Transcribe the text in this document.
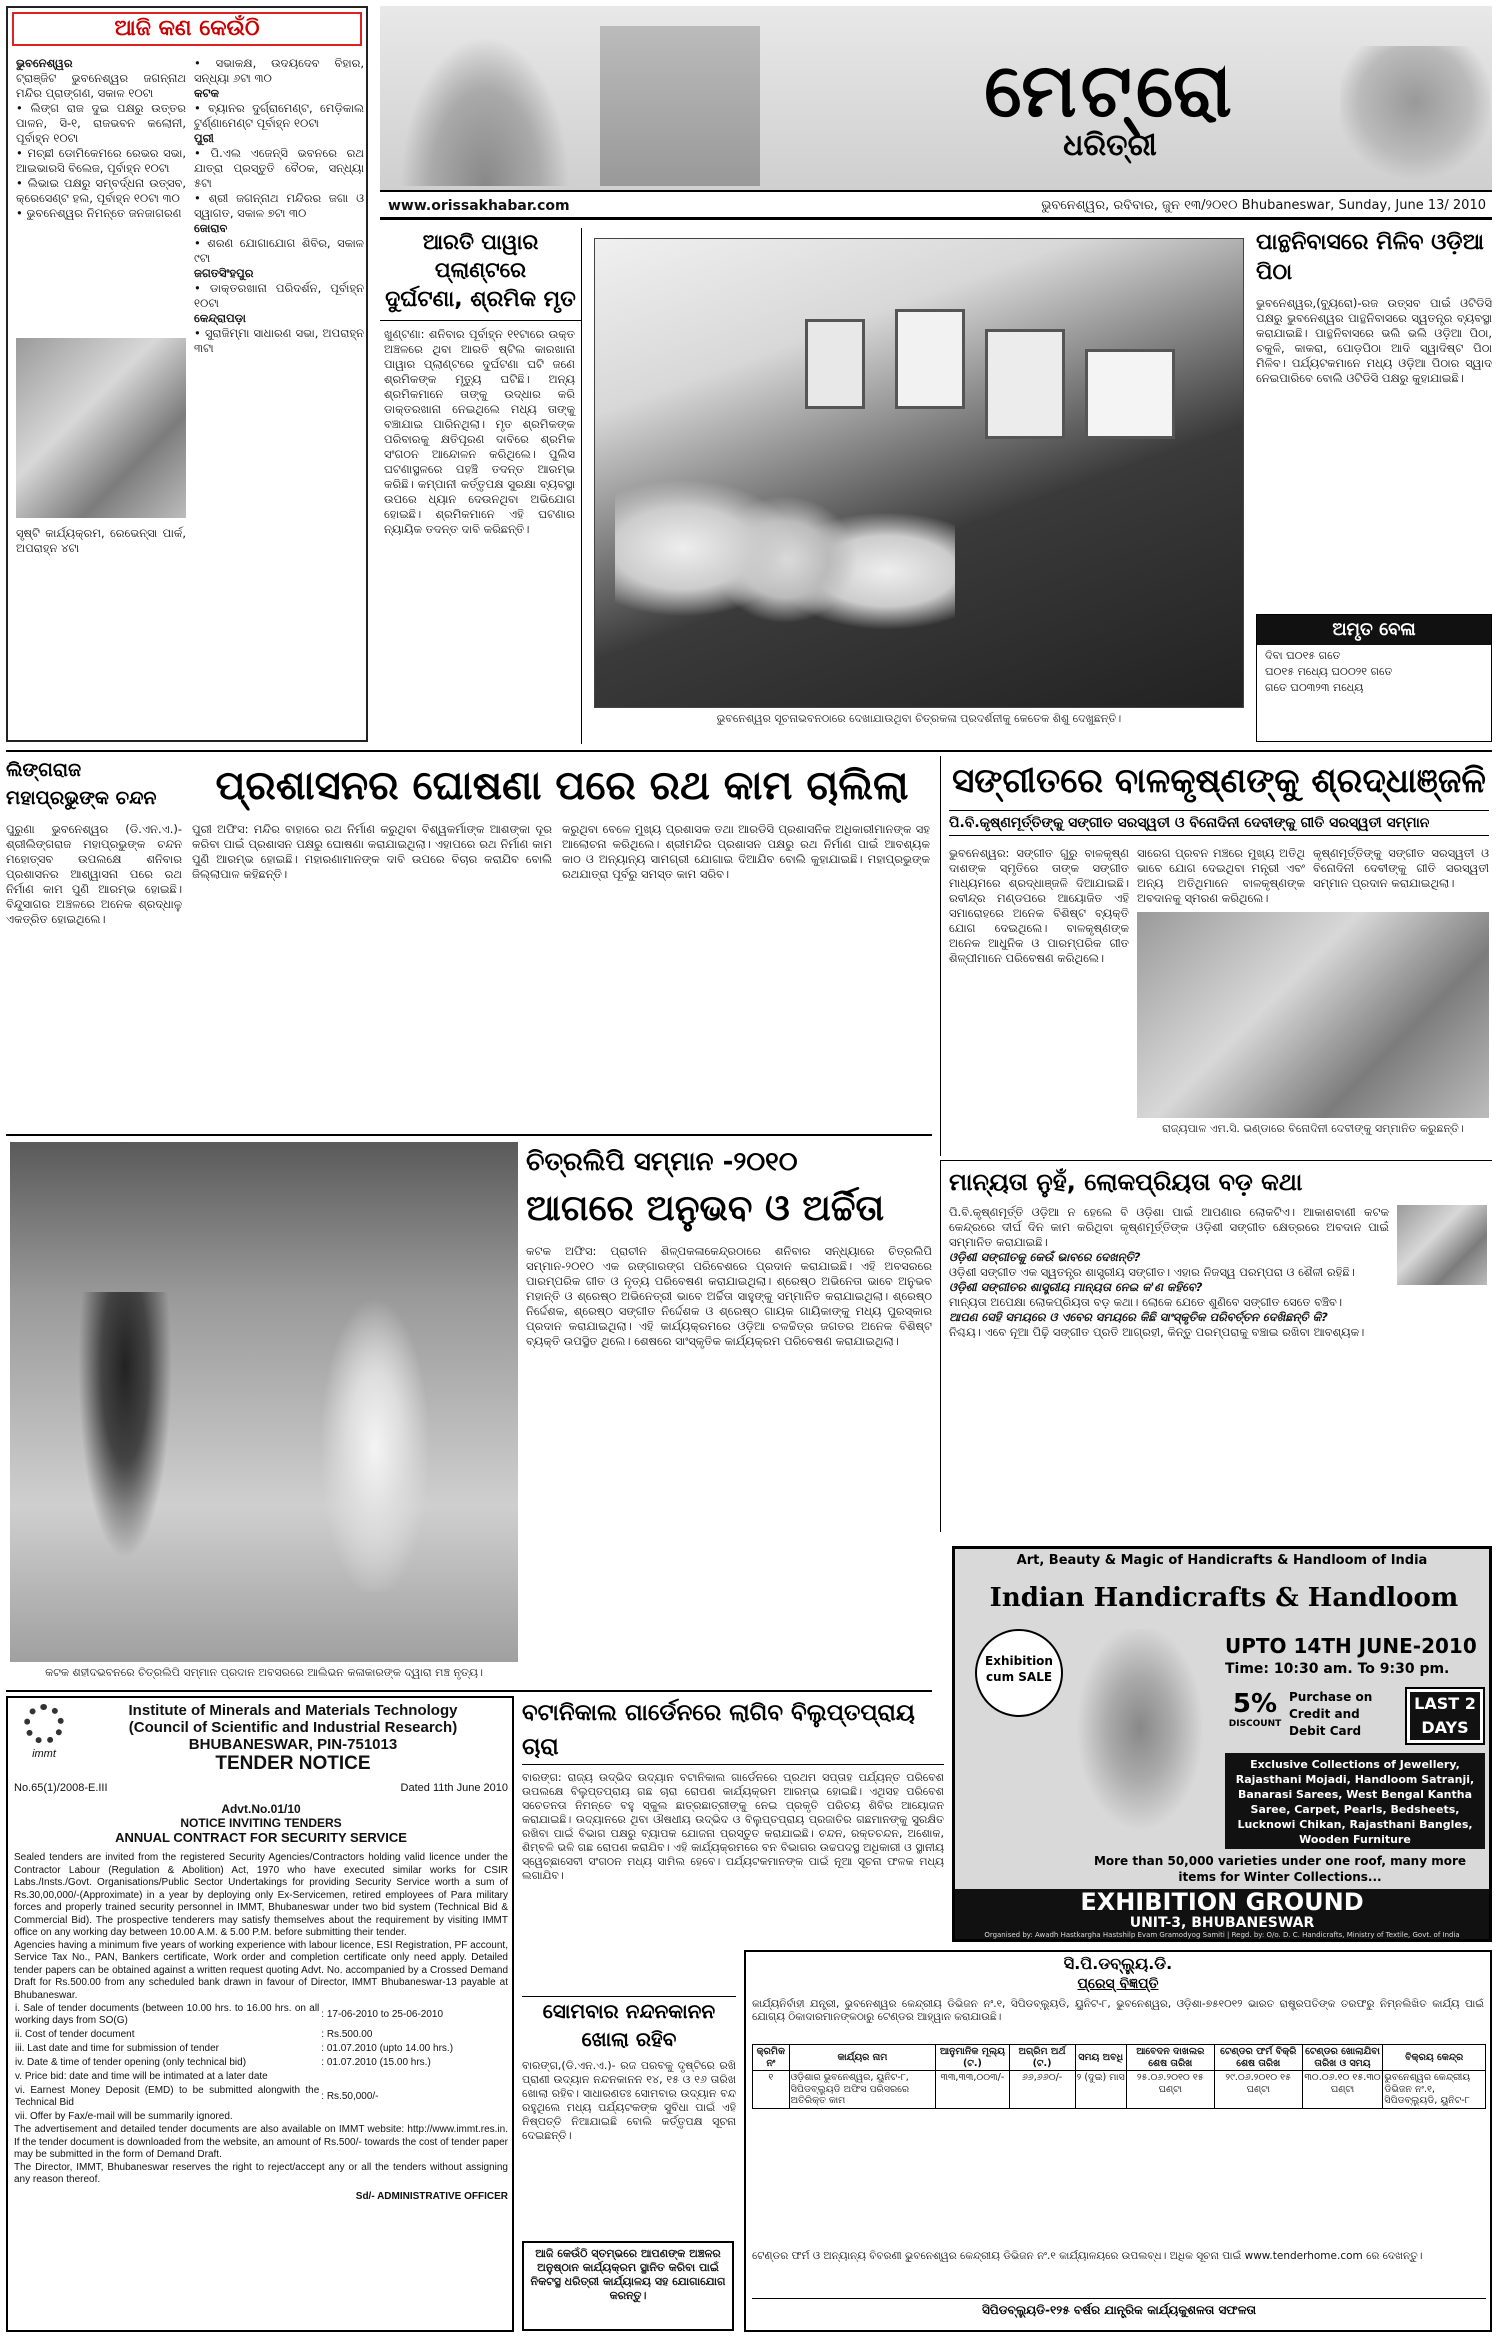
ଆଜି କଣ କେଉଁଠି
ଭୁବନେଶ୍ୱର
ଟ୍ରାଞ୍ଜିଟ ଭୁବନେଶ୍ୱର ଜଗନ୍ନାଥ ମନ୍ଦିର ପ୍ରାଙ୍ଗଣ, ସକାଳ ୧୦ଟା
• ଲିଙ୍ଗ ରାଜ ଦୁଇ ପକ୍ଷରୁ ଉତ୍ତର ପାଳନ, ସି-୧, ରାଜଭବନ କଲୋନୀ, ପୂର୍ବାହ୍ନ ୧୦ଟା
• ମଚ୍ଛୀ ଡୋମିକେମରେ ରେଭର ସଭା, ଆଇଭାରସି ବିଲେଜ, ପୂର୍ବାହ୍ନ ୧୦ଟା
• ଲିଭାଇ ପକ୍ଷରୁ ସମ୍ବର୍ଦ୍ଧନା ଉତ୍ସବ, କ୍ରେସେଣ୍ଟ ହଲ, ପୂର୍ବାହ୍ନ ୧୦ଟା ୩୦
• ଭୁବନେଶ୍ୱର ନିମନ୍ତେ ଜନଜାଗରଣ
ସୃଷ୍ଟି କାର୍ଯ୍ୟକ୍ରମ, ରେଭେନ୍ସା ପାର୍କ, ଅପରାହ୍ନ ୪ଟା
• ସଭାକକ୍ଷ, ଉଦୟଦେବ ବିହାର, ସନ୍ଧ୍ୟା ୬ଟା ୩୦
କଟକ
• ବ୍ୟାନର ଦୁର୍ଗ୍ରାମେଣ୍ଟ, ମେଡ଼ିକାଲ ଟୁର୍ଣ୍ଣାମେଣ୍ଟ ପୂର୍ବାହ୍ନ ୧୦ଟା
ପୁରୀ
• ପି.ଏଲ ଏଜେନ୍ସି ଭବନରେ ରଥ ଯାତ୍ରା ପ୍ରସ୍ତୁତି ବୈଠକ, ସନ୍ଧ୍ୟା ୫ଟା
• ଶ୍ରୀ ଜଗନ୍ନାଥ ମନ୍ଦିରର ଜଗା ଓ ସ୍ୱାଗତ, ସକାଳ ୭ଟା ୩୦
ଜୋରାବ
• ଶରଣ ଯୋଗାଯୋଗ ଶିବିର, ସକାଳ ୯ଟା
ଜଗତସିଂହପୁର
• ଡାକ୍ତରଖାନା ପରିଦର୍ଶନ, ପୂର୍ବାହ୍ନ ୧୦ଟା
କେନ୍ଦ୍ରାପଡ଼ା
• ସୁରାଜିମ୍ମା ସାଧାରଣ ସଭା, ଅପରାହ୍ନ ୩ଟା
ମେଟ୍ରୋ
ଧରିତ୍ରୀ
www.orissakhabar.com	ଭୁବନେଶ୍ୱର, ରବିବାର, ଜୁନ ୧୩/୨୦୧୦ Bhubaneswar, Sunday, June 13/ 2010
ଆରତି ପାୱାର ପ୍ଲାଣ୍ଟରେ
ଦୁର୍ଘଟଣା, ଶ୍ରମିକ ମୃତ
ଖୁଣ୍ଟଣା: ଶନିବାର ପୂର୍ବାହ୍ନ ୧୧ଟାରେ ଉକ୍ତ ଅଞ୍ଚଳରେ ଥିବା ଆରତି ଷ୍ଟିଲ କାରଖାନା ପାୱାର ପ୍ଲାଣ୍ଟରେ ଦୁର୍ଘଟଣା ଘଟି ଜଣେ ଶ୍ରମିକଙ୍କ ମୃତ୍ୟୁ ଘଟିଛି। ଅନ୍ୟ ଶ୍ରମିକମାନେ ତାଙ୍କୁ ଉଦ୍ଧାର କରି ଡାକ୍ତରଖାନା ନେଇଥିଲେ ମଧ୍ୟ ତାଙ୍କୁ ବଞ୍ଚାଯାଇ ପାରିନଥିଲା। ମୃତ ଶ୍ରମିକଙ୍କ ପରିବାରକୁ କ୍ଷତିପୂରଣ ଦାବିରେ ଶ୍ରମିକ ସଂଗଠନ ଆନ୍ଦୋଳନ କରିଥିଲେ। ପୁଲିସ ଘଟଣାସ୍ଥଳରେ ପହଞ୍ଚି ତଦନ୍ତ ଆରମ୍ଭ କରିଛି। କମ୍ପାନୀ କର୍ତ୍ତୃପକ୍ଷ ସୁରକ୍ଷା ବ୍ୟବସ୍ଥା ଉପରେ ଧ୍ୟାନ ଦେଉନଥିବା ଅଭିଯୋଗ ହୋଇଛି। ଶ୍ରମିକମାନେ ଏହି ଘଟଣାର ନ୍ୟାୟିକ ତଦନ୍ତ ଦାବି କରିଛନ୍ତି।
ଭୁବନେଶ୍ୱର ସୂଚନାଭବନଠାରେ ଦେଖାଯାଉଥିବା ଚିତ୍ରକଳା ପ୍ରଦର୍ଶନୀକୁ କେତେକ ଶିଶୁ ଦେଖୁଛନ୍ତି।
ପାନ୍ଥନିବାସରେ ମିଳିବ ଓଡ଼ିଆ ପିଠା
ଭୁବନେଶ୍ୱର,(ବ୍ୟୁରୋ)-ରଜ ଉତ୍ସବ ପାଇଁ ଓଟିଡିସି ପକ୍ଷରୁ ଭୁବନେଶ୍ୱର ପାନ୍ଥନିବାସରେ ସ୍ୱତନ୍ତ୍ର ବ୍ୟବସ୍ଥା କରାଯାଇଛି। ପାନ୍ଥନିବାସରେ ଭଲି ଭଲି ଓଡ଼ିଆ ପିଠା, ଚକୁଳି, କାକରା, ପୋଡ଼ପିଠା ଆଦି ସ୍ୱାଦିଷ୍ଟ ପିଠା ମିଳିବ। ପର୍ଯ୍ୟଟକମାନେ ମଧ୍ୟ ଓଡ଼ିଆ ପିଠାର ସ୍ୱାଦ ନେଇପାରିବେ ବୋଲି ଓଟିଡିସି ପକ୍ଷରୁ କୁହାଯାଇଛି।
ଅମୃତ ବେଳା
ଦିବା ଘ୦୧୫ ଗତେ
ଘ୦୧୫ ମଧ୍ୟେ ଘ୦୦୨୧ ଗତେ
ଗତେ ଘ୦୩୨୩ ମଧ୍ୟେ
ଲିଙ୍ଗରାଜ ମହାପ୍ରଭୁଙ୍କ ଚନ୍ଦନ	ପ୍ରଶାସନର ଘୋଷଣା ପରେ ରଥ କାମ ଚାଲିଲା
ପୁରୁଣା ଭୁବନେଶ୍ୱର (ଡି.ଏନ.ଏ.)- ଶ୍ରୀଲିଙ୍ଗରାଜ ମହାପ୍ରଭୁଙ୍କ ଚନ୍ଦନ ମହୋତ୍ସବ ଉପଲକ୍ଷେ ଶନିବାର ପ୍ରଶାସନର ଆଶ୍ୱାସନା ପରେ ରଥ ନିର୍ମାଣ କାମ ପୁଣି ଆରମ୍ଭ ହୋଇଛି। ବିନ୍ଦୁସାଗର ଅଞ୍ଚଳରେ ଅନେକ ଶ୍ରଦ୍ଧାଳୁ ଏକତ୍ରିତ ହୋଇଥିଲେ।
ପୁରୀ ଅଫିସ: ମନ୍ଦିର ବାହାରେ ରଥ ନିର୍ମାଣ କରୁଥିବା ବିଶ୍ୱକର୍ମାଙ୍କ ଆଶଙ୍କା ଦୂର କରିବା ପାଇଁ ପ୍ରଶାସନ ପକ୍ଷରୁ ଘୋଷଣା କରାଯାଇଥିଲା। ଏହାପରେ ରଥ ନିର୍ମାଣ କାମ ପୁଣି ଆରମ୍ଭ ହୋଇଛି। ମହାରଣାମାନଙ୍କ ଦାବି ଉପରେ ବିଚାର କରାଯିବ ବୋଲି ଜିଲ୍ଲାପାଳ କହିଛନ୍ତି।
କରୁଥିବା ବେଳେ ମୁଖ୍ୟ ପ୍ରଶାସକ ତଥା ଆରଡିସି ପ୍ରଶାସନିକ ଅଧିକାରୀମାନଙ୍କ ସହ ଆଲୋଚନା କରିଥିଲେ। ଶ୍ରୀମନ୍ଦିର ପ୍ରଶାସନ ପକ୍ଷରୁ ରଥ ନିର୍ମାଣ ପାଇଁ ଆବଶ୍ୟକ କାଠ ଓ ଅନ୍ୟାନ୍ୟ ସାମଗ୍ରୀ ଯୋଗାଇ ଦିଆଯିବ ବୋଲି କୁହାଯାଇଛି। ମହାପ୍ରଭୁଙ୍କ ରଥଯାତ୍ରା ପୂର୍ବରୁ ସମସ୍ତ କାମ ସରିବ।
ସଙ୍ଗୀତରେ ବାଳକୃଷ୍ଣଙ୍କୁ ଶ୍ରଦ୍ଧାଞ୍ଜଳି
ପି.ବି.କୃଷ୍ଣମୂର୍ତ୍ତିଙ୍କୁ ସଙ୍ଗୀତ ସରସ୍ୱତୀ ଓ ବିନୋଦିନୀ ଦେବୀଙ୍କୁ ଗୀତି ସରସ୍ୱତୀ ସମ୍ମାନ
ଭୁବନେଶ୍ୱର: ସଙ୍ଗୀତ ଗୁରୁ ବାଳକୃଷ୍ଣ ଦାଶଙ୍କ ସ୍ମୃତିରେ ତାଙ୍କ ସଙ୍ଗୀତ ମାଧ୍ୟମରେ ଶ୍ରଦ୍ଧାଞ୍ଜଳି ଦିଆଯାଇଛି। ରବୀନ୍ଦ୍ର ମଣ୍ଡପରେ ଆୟୋଜିତ ଏହି ସମାରୋହରେ ଅନେକ ବିଶିଷ୍ଟ ବ୍ୟକ୍ତି ଯୋଗ ଦେଇଥିଲେ। ବାଳକୃଷ୍ଣଙ୍କ ଅନେକ ଆଧୁନିକ ଓ ପାରମ୍ପରିକ ଗୀତ ଶିଳ୍ପୀମାନେ ପରିବେଷଣ କରିଥିଲେ।
ସାରେଗ ପ୍ରବନ ମଞ୍ଚରେ ମୁଖ୍ୟ ଅତିଥି ଭାବେ ଯୋଗ ଦେଇଥିବା ମନ୍ତ୍ରୀ ଏବଂ ଅନ୍ୟ ଅତିଥିମାନେ ବାଳକୃଷ୍ଣଙ୍କ ଅବଦାନକୁ ସ୍ମରଣ କରିଥିଲେ।
କୃଷ୍ଣମୂର୍ତ୍ତିଙ୍କୁ ସଙ୍ଗୀତ ସରସ୍ୱତୀ ଓ ବିନୋଦିନୀ ଦେବୀଙ୍କୁ ଗୀତି ସରସ୍ୱତୀ ସମ୍ମାନ ପ୍ରଦାନ କରାଯାଇଥିଲା।
ରାଜ୍ୟପାଳ ଏମ.ସି. ଭଣ୍ଡାରେ ବିନୋଦିନୀ ଦେବୀଙ୍କୁ ସମ୍ମାନିତ କରୁଛନ୍ତି।
କଟକ ଶହୀଦଭବନରେ ଚିତ୍ରଲିପି ସମ୍ମାନ ପ୍ରଦାନ ଅବସରରେ ଆଲିଭନ କଳାକାରଙ୍କ ଦ୍ୱାରା ମଞ୍ଚ ନୃତ୍ୟ।
ଚିତ୍ରଲିପି ସମ୍ମାନ -୨୦୧୦
ଆଗରେ ଅନୁଭବ ଓ ଅର୍ଚ୍ଚିତା
କଟକ ଅଫିସ: ପ୍ରାଚୀନ ଶିଳ୍ପକଳାକେନ୍ଦ୍ରଠାରେ ଶନିବାର ସନ୍ଧ୍ୟାରେ ଚିତ୍ରଲିପି ସମ୍ମାନ-୨୦୧୦ ଏକ ରଙ୍ଗାରଙ୍ଗ ପରିବେଶରେ ପ୍ରଦାନ କରାଯାଇଛି। ଏହି ଅବସରରେ ପାରମ୍ପରିକ ଗୀତ ଓ ନୃତ୍ୟ ପରିବେଷଣ କରାଯାଇଥିଲା। ଶ୍ରେଷ୍ଠ ଅଭିନେତା ଭାବେ ଅନୁଭବ ମହାନ୍ତି ଓ ଶ୍ରେଷ୍ଠ ଅଭିନେତ୍ରୀ ଭାବେ ଅର୍ଚ୍ଚିତା ସାହୁଙ୍କୁ ସମ୍ମାନିତ କରାଯାଇଥିଲା। ଶ୍ରେଷ୍ଠ ନିର୍ଦ୍ଦେଶକ, ଶ୍ରେଷ୍ଠ ସଙ୍ଗୀତ ନିର୍ଦ୍ଦେଶକ ଓ ଶ୍ରେଷ୍ଠ ଗାୟକ ଗାୟିକାଙ୍କୁ ମଧ୍ୟ ପୁରସ୍କାର ପ୍ରଦାନ କରାଯାଇଥିଲା। ଏହି କାର୍ଯ୍ୟକ୍ରମରେ ଓଡ଼ିଆ ଚଳଚ୍ଚିତ୍ର ଜଗତର ଅନେକ ବିଶିଷ୍ଟ ବ୍ୟକ୍ତି ଉପସ୍ଥିତ ଥିଲେ। ଶେଷରେ ସାଂସ୍କୃତିକ କାର୍ଯ୍ୟକ୍ରମ ପରିବେଷଣ କରାଯାଇଥିଲା।
ମାନ୍ୟତା ନୁହଁ, ଲୋକପ୍ରିୟତା ବଡ଼ କଥା
ପି.ବି.କୃଷ୍ଣମୂର୍ତ୍ତି ଓଡ଼ିଆ ନ ହେଲେ ବି ଓଡ଼ିଶା ପାଇଁ ଆପଣାର ଲୋକଟିଏ। ଆକାଶବାଣୀ କଟକ କେନ୍ଦ୍ରରେ ଦୀର୍ଘ ଦିନ କାମ କରିଥିବା କୃଷ୍ଣମୂର୍ତ୍ତିଙ୍କ ଓଡ଼ିଶୀ ସଙ୍ଗୀତ କ୍ଷେତ୍ରରେ ଅବଦାନ ପାଇଁ ସମ୍ମାନିତ କରାଯାଇଛି।
ଓଡ଼ିଶୀ ସଙ୍ଗୀତକୁ କେଉଁ ଭାବରେ ଦେଖନ୍ତି?
ଓଡ଼ିଶୀ ସଙ୍ଗୀତ ଏକ ସ୍ୱତନ୍ତ୍ର ଶାସ୍ତ୍ରୀୟ ସଙ୍ଗୀତ। ଏହାର ନିଜସ୍ୱ ପରମ୍ପରା ଓ ଶୈଳୀ ରହିଛି।
ଓଡ଼ିଶୀ ସଙ୍ଗୀତର ଶାସ୍ତ୍ରୀୟ ମାନ୍ୟତା ନେଇ କ'ଣ କହିବେ?
ମାନ୍ୟତା ଅପେକ୍ଷା ଲୋକପ୍ରିୟତା ବଡ଼ କଥା। ଲୋକେ ଯେତେ ଶୁଣିବେ ସଙ୍ଗୀତ ସେତେ ବଞ୍ଚିବ।
ଆପଣ ସେହି ସମୟରେ ଓ ଏବେର ସମୟରେ କିଛି ସାଂସ୍କୃତିକ ପରିବର୍ତ୍ତନ ଦେଖିଛନ୍ତି କି?
ନିଶ୍ଚୟ। ଏବେ ନୂଆ ପିଢ଼ି ସଙ୍ଗୀତ ପ୍ରତି ଆଗ୍ରହୀ, କିନ୍ତୁ ପରମ୍ପରାକୁ ବଞ୍ଚାଇ ରଖିବା ଆବଶ୍ୟକ।
Art, Beauty & Magic of Handicrafts & Handloom of India
Indian Handicrafts & Handloom
Exhibition cum SALE
UPTO 14TH JUNE-2010
Time: 10:30 am. To 9:30 pm.
5%
DISCOUNT
Purchase on Credit and Debit Card
LAST 2 DAYS
Exclusive Collections of Jewellery, Rajasthani Mojadi, Handloom Satranji, Banarasi Sarees, West Bengal Kantha Saree, Carpet, Pearls, Bedsheets, Lucknowi Chikan, Rajasthani Bangles, Wooden Furniture
More than 50,000 varieties under one roof, many more items for Winter Collections...
EXHIBITION GROUND
UNIT-3, BHUBANESWAR
Organised by: Awadh Hastkargha Hastshilp Evam Gramodyog Samiti | Regd. by: O/o. D. C. Handicrafts, Ministry of Textile, Govt. of India
immt
Institute of Minerals and Materials Technology
(Council of Scientific and Industrial Research)
BHUBANESWAR, PIN-751013
TENDER NOTICE
No.65(1)/2008-E.III	Dated 11th June 2010
Advt.No.01/10
NOTICE INVITING TENDERS
ANNUAL CONTRACT FOR SECURITY SERVICE
Sealed tenders are invited from the registered Security Agencies/Contractors holding valid licence under the Contractor Labour (Regulation & Abolition) Act, 1970 who have executed similar works for CSIR Labs./Insts./Govt. Organisations/Public Sector Undertakings for providing Security Service worth a sum of Rs.30,00,000/-(Approximate) in a year by deploying only Ex-Servicemen, retired employees of Para military forces and properly trained security personnel in IMMT, Bhubaneswar under two bid system (Technical Bid & Commercial Bid). The prospective tenderers may satisfy themselves about the requirement by visiting IMMT office on any working day between 10.00 A.M. & 5.00 P.M. before submitting their tender.
Agencies having a minimum five years of working experience with labour licence, ESI Registration, PF account, Service Tax No., PAN, Bankers certificate, Work order and completion certificate only need apply. Detailed tender papers can be obtained against a written request quoting Advt. No. accompanied by a Crossed Demand Draft for Rs.500.00 from any scheduled bank drawn in favour of Director, IMMT Bhubaneswar-13 payable at Bhubaneswar.
i. Sale of tender documents (between 10.00 hrs. to 16.00 hrs. on all working days from SO(G)	: 17-06-2010 to 25-06-2010
ii. Cost of tender document	: Rs.500.00
iii. Last date and time for submission of tender	: 01.07.2010 (upto 14.00 hrs.)
iv. Date & time of tender opening (only technical bid)	: 01.07.2010 (15.00 hrs.)
v. Price bid: date and time will be intimated at a later date	
vi. Earnest Money Deposit (EMD) to be submitted alongwith the Technical Bid	: Rs.50,000/-
vii. Offer by Fax/e-mail will be summarily ignored.	
The advertisement and detailed tender documents are also available on IMMT website: http://www.immt.res.in. If the tender document is downloaded from the website, an amount of Rs.500/- towards the cost of tender paper may be submitted in the form of Demand Draft.
The Director, IMMT, Bhubaneswar reserves the right to reject/accept any or all the tenders without assigning any reason thereof.
Sd/- ADMINISTRATIVE OFFICER
ବଟାନିକାଲ ଗାର୍ଡେନରେ ଲାଗିବ ବିଲୁପ୍ତପ୍ରାୟ ଚାରା
ବାରଙ୍ଗ: ରାଜ୍ୟ ଉଦ୍ଭିଦ ଉଦ୍ୟାନ ବଟାନିକାଲ ଗାର୍ଡେନରେ ପ୍ରଥମ ସପ୍ତାହ ପର୍ଯ୍ୟନ୍ତ ପରିବେଶ ଉପଲକ୍ଷେ ବିଲୁପ୍ତପ୍ରାୟ ଗଛ ଚାରା ରୋପଣ କାର୍ଯ୍ୟକ୍ରମ ଆରମ୍ଭ ହୋଇଛି। ଏଥିସହ ପରିବେଶ ସଚେତନତା ନିମନ୍ତେ ବହୁ ସ୍କୁଲ ଛାତ୍ରଛାତ୍ରୀଙ୍କୁ ନେଇ ପ୍ରକୃତି ପରିଚୟ ଶିବିର ଆୟୋଜନ କରାଯାଇଛି। ଉଦ୍ୟାନରେ ଥିବା ଔଷଧୀୟ ଉଦ୍ଭିଦ ଓ ବିଲୁପ୍ତପ୍ରାୟ ପ୍ରଜାତିର ଗଛମାନଙ୍କୁ ସୁରକ୍ଷିତ ରଖିବା ପାଇଁ ବିଭାଗ ପକ୍ଷରୁ ବ୍ୟାପକ ଯୋଜନା ପ୍ରସ୍ତୁତ କରାଯାଇଛି। ଚନ୍ଦନ, ରକ୍ତଚନ୍ଦନ, ଅଶୋକ, ଶିମ୍ବଳି ଭଳି ଗଛ ରୋପଣ କରାଯିବ। ଏହି କାର୍ଯ୍ୟକ୍ରମରେ ବନ ବିଭାଗର ଉଚ୍ଚପଦସ୍ଥ ଅଧିକାରୀ ଓ ସ୍ଥାନୀୟ ସ୍ୱେଚ୍ଛାସେବୀ ସଂଗଠନ ମଧ୍ୟ ସାମିଲ ହେବେ। ପର୍ଯ୍ୟଟକମାନଙ୍କ ପାଇଁ ନୂଆ ସୂଚନା ଫଳକ ମଧ୍ୟ ଲଗାଯିବ।
ସୋମବାର ନନ୍ଦନକାନନ ଖୋଲା ରହିବ
ବାରଙ୍ଗ,(ଡି.ଏନ.ଏ.)- ରଜ ପରବକୁ ଦୃଷ୍ଟିରେ ରଖି ପ୍ରାଣୀ ଉଦ୍ୟାନ ନନ୍ଦନକାନନ ୧୪, ୧୫ ଓ ୧୬ ତାରିଖ ଖୋଲା ରହିବ। ସାଧାରଣତଃ ସୋମବାର ଉଦ୍ୟାନ ବନ୍ଦ ରହୁଥିଲେ ମଧ୍ୟ ପର୍ଯ୍ୟଟକଙ୍କ ସୁବିଧା ପାଇଁ ଏହି ନିଷ୍ପତ୍ତି ନିଆଯାଇଛି ବୋଲି କର୍ତ୍ତୃପକ୍ଷ ସୂଚନା ଦେଇଛନ୍ତି।
ଆଜି କେଉଁଠି ସ୍ତମ୍ଭରେ ଆପଣଙ୍କ ଅଞ୍ଚଳର ଅନୁଷ୍ଠାନ କାର୍ଯ୍ୟକ୍ରମ ସ୍ଥାନିତ କରିବା ପାଇଁ ନିକଟସ୍ଥ ଧରିତ୍ରୀ କାର୍ଯ୍ୟାଳୟ ସହ ଯୋଗାଯୋଗ କରନ୍ତୁ।
ସି.ପି.ଡବ୍ଲ୍ୟୁ.ଡି.
ପ୍ରେସ୍ ବିଜ୍ଞପ୍ତି
କାର୍ଯ୍ୟନିର୍ବାହୀ ଯନ୍ତ୍ରୀ, ଭୁବନେଶ୍ୱର କେନ୍ଦ୍ରୀୟ ଡିଭିଜନ ନଂ.୧, ସିପିଡବ୍ଲ୍ୟୁଡି, ୟୁନିଟ-୮, ଭୁବନେଶ୍ୱର, ଓଡ଼ିଶା-୭୫୧୦୧୨ ଭାରତ ରାଷ୍ଟ୍ରପତିଙ୍କ ତରଫରୁ ନିମ୍ନଲିଖିତ କାର୍ଯ୍ୟ ପାଇଁ ଯୋଗ୍ୟ ଠିକାଦାରମାନଙ୍କଠାରୁ ଟେଣ୍ଡର ଆହ୍ୱାନ କରାଯାଉଛି।
କ୍ରମିକ ନଂ	କାର୍ଯ୍ୟର ନାମ	ଆନୁମାନିକ ମୂଲ୍ୟ (ଟ.)	ଅଗ୍ରିମ ଅର୍ଥ (ଟ.)	ସମୟ ଅବଧି	ଆବେଦନ ଦାଖଲର ଶେଷ ତାରିଖ	ଟେଣ୍ଡର ଫର୍ମ ବିକ୍ରି ଶେଷ ତାରିଖ	ଟେଣ୍ଡର ଖୋଲାଯିବା ତାରିଖ ଓ ସମୟ	ବିକ୍ରୟ କେନ୍ଦ୍ର
୧	ଓଡ଼ିଶାର ଭୁବନେଶ୍ୱର, ୟୁନିଟ-୮, ସିପିଡବ୍ଲ୍ୟୁଡି ଅଫିସ ପରିସରରେ ଅତିରିକ୍ତ କାମ	୩୩,୩୩,୦୦୩/-	୬୬,୬୬୦/-	୨ (ଦୁଇ) ମାସ	୨୫.୦୬.୨୦୧୦ ୧୫ ଘଣ୍ଟା	୨୯.୦୬.୨୦୧୦ ୧୫ ଘଣ୍ଟା	୩୦.୦୬.୧୦ ୧୫.୩୦ ଘଣ୍ଟା	ଭୁବନେଶ୍ୱର କେନ୍ଦ୍ରୀୟ ଡିଭିଜନ ନଂ.୧, ସିପିଡବ୍ଲ୍ୟୁଡି, ୟୁନିଟ-୮
ଟେଣ୍ଡର ଫର୍ମ ଓ ଅନ୍ୟାନ୍ୟ ବିବରଣୀ ଭୁବନେଶ୍ୱର କେନ୍ଦ୍ରୀୟ ଡିଭିଜନ ନଂ.୧ କାର୍ଯ୍ୟାଳୟରେ ଉପଲବ୍ଧ। ଅଧିକ ସୂଚନା ପାଇଁ www.tenderhome.com ରେ ଦେଖନ୍ତୁ।
ସିପିଡବ୍ଲ୍ୟୁଡି-୧୨୫ ବର୍ଷର ଯାନ୍ତ୍ରିକ କାର୍ଯ୍ୟକୁଶଳତା ସଫଳତା
